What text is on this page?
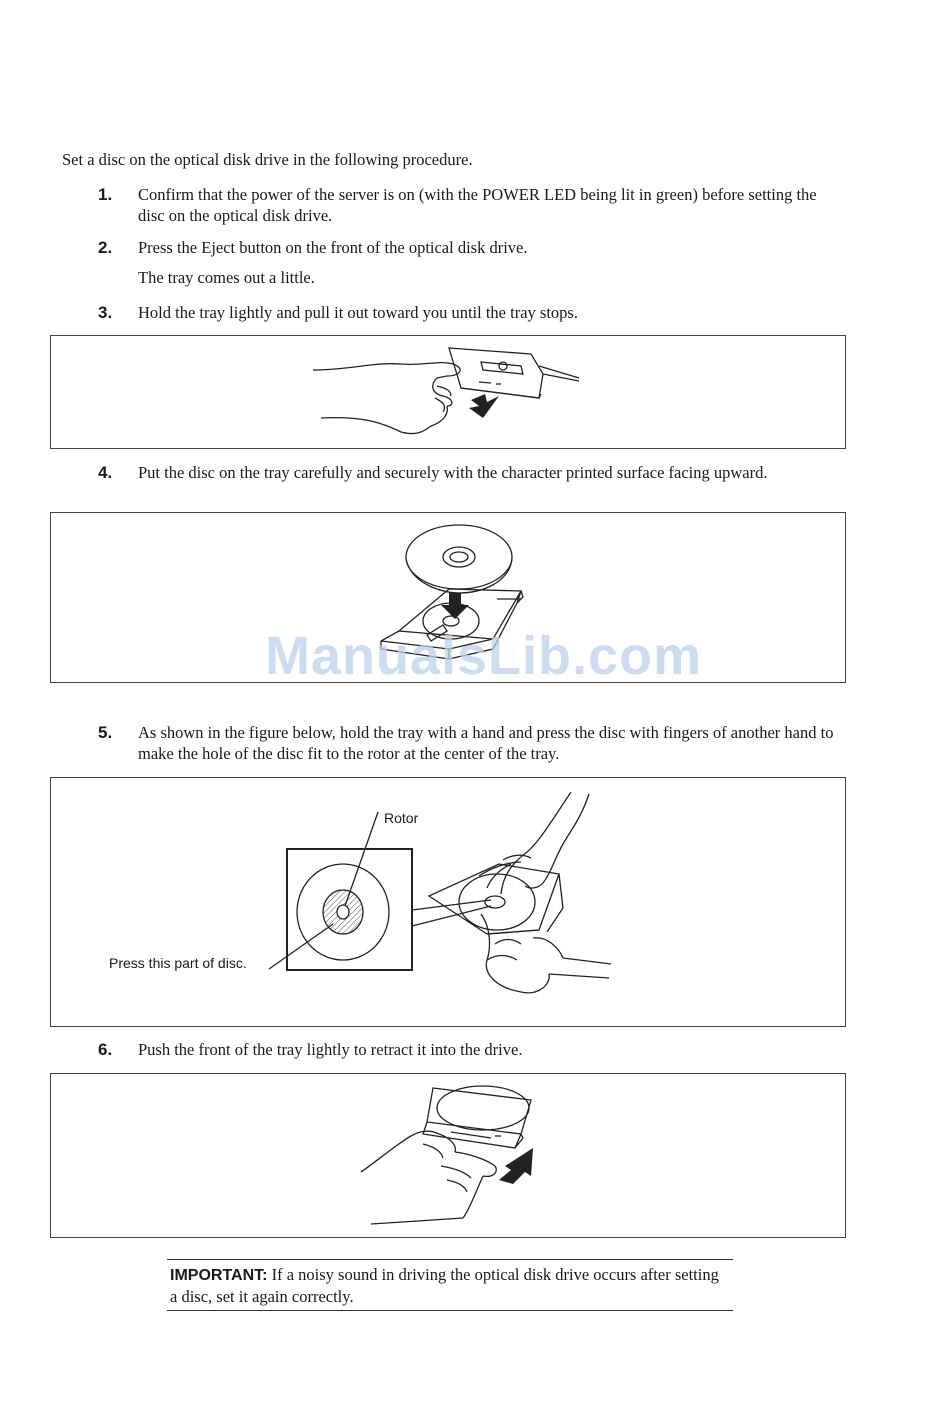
Set a disc on the optical disk drive in the following procedure.
1. Confirm that the power of the server is on (with the POWER LED being lit in green) before setting the disc on the optical disk drive.
2. Press the Eject button on the front of the optical disk drive.
The tray comes out a little.
3. Hold the tray lightly and pull it out toward you until the tray stops.
4. Put the disc on the tray carefully and securely with the character printed surface facing upward.
ManualsLib.com
5. As shown in the figure below, hold the tray with a hand and press the disc with fingers of another hand to make the hole of the disc fit to the rotor at the center of the tray.
Rotor
Press this part of disc.
6. Push the front of the tray lightly to retract it into the drive.
IMPORTANT: If a noisy sound in driving the optical disk drive occurs after setting a disc, set it again correctly.
